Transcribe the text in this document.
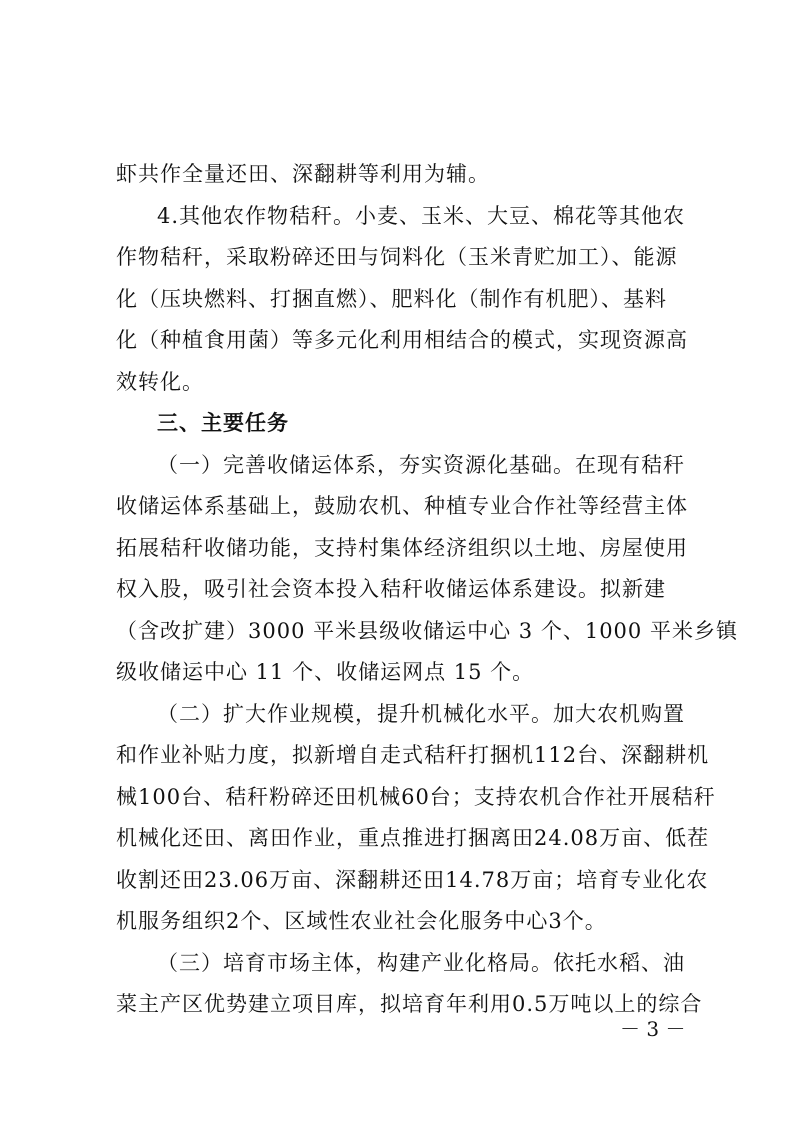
虾共作全量还田、深翻耕等利用为辅。
4.其他农作物秸秆。小麦、玉米、大豆、棉花等其他农
作物秸秆，采取粉碎还田与饲料化（玉米青贮加工）、能源
化（压块燃料、打捆直燃）、肥料化（制作有机肥）、基料
化（种植食用菌）等多元化利用相结合的模式，实现资源高
效转化。
三、主要任务
（一）完善收储运体系，夯实资源化基础。在现有秸秆
收储运体系基础上，鼓励农机、种植专业合作社等经营主体
拓展秸秆收储功能，支持村集体经济组织以土地、房屋使用
权入股，吸引社会资本投入秸秆收储运体系建设。拟新建
（含改扩建）3000 平米县级收储运中心 3 个、1000 平米乡镇
级收储运中心 11 个、收储运网点 15 个。
（二）扩大作业规模，提升机械化水平。加大农机购置
和作业补贴力度，拟新增自走式秸秆打捆机112台、深翻耕机
械100台、秸秆粉碎还田机械60台；支持农机合作社开展秸秆
机械化还田、离田作业，重点推进打捆离田24.08万亩、低茬
收割还田23.06万亩、深翻耕还田14.78万亩；培育专业化农
机服务组织2个、区域性农业社会化服务中心3个。
（三）培育市场主体，构建产业化格局。依托水稻、油
菜主产区优势建立项目库，拟培育年利用0.5万吨以上的综合
－ 3 －
